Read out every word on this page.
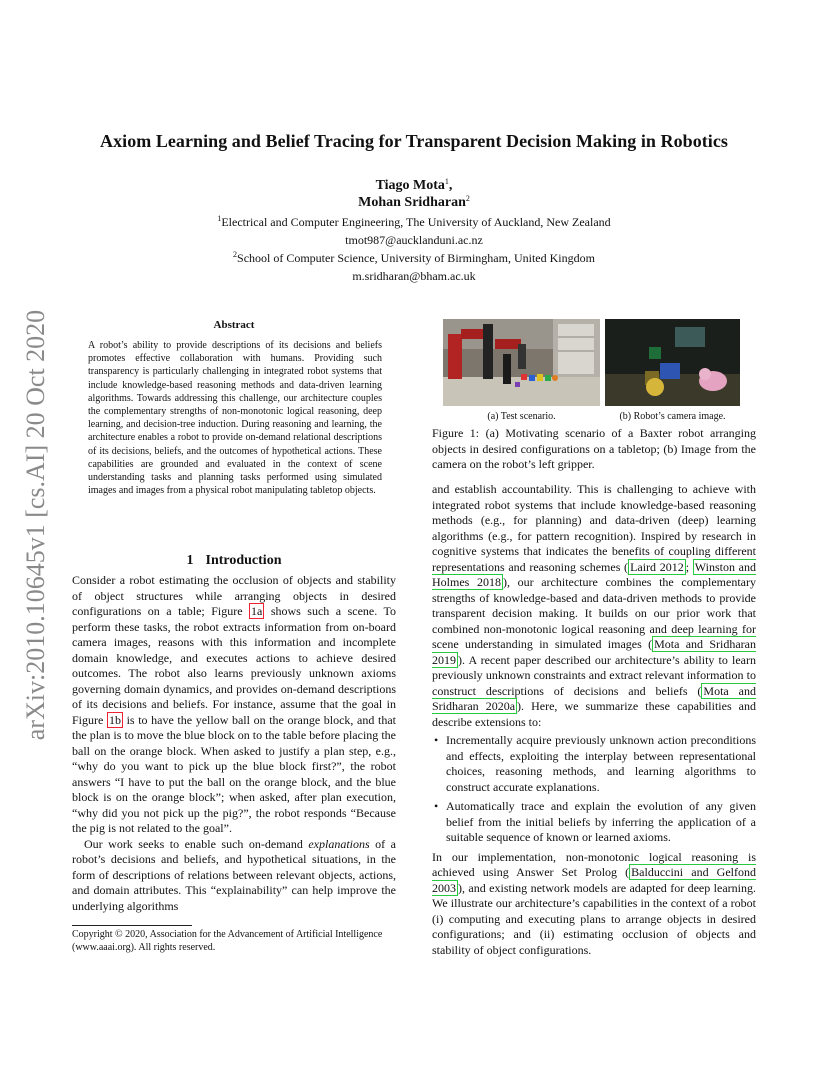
arXiv:2010.10645v1 [cs.AI] 20 Oct 2020
Axiom Learning and Belief Tracing for Transparent Decision Making in Robotics
Tiago Mota$^1$,
Mohan Sridharan$^2$
$^1$Electrical and Computer Engineering, The University of Auckland, New Zealand
tmot987@aucklanduni.ac.nz
$^2$School of Computer Science, University of Birmingham, United Kingdom
m.sridharan@bham.ac.uk
Abstract
A robot’s ability to provide descriptions of its decisions and beliefs promotes effective collaboration with humans. Providing such transparency is particularly challenging in integrated robot systems that include knowledge-based reasoning methods and data-driven learning algorithms. Towards addressing this challenge, our architecture couples the complementary strengths of non-monotonic logical reasoning, deep learning, and decision-tree induction. During reasoning and learning, the architecture enables a robot to provide on-demand relational descriptions of its decisions, beliefs, and the outcomes of hypothetical actions. These capabilities are grounded and evaluated in the context of scene understanding tasks and planning tasks performed using simulated images and images from a physical robot manipulating tabletop objects.
1 Introduction

Consider a robot estimating the occlusion of objects and stability of object structures while arranging objects in desired configurations on a table; Figure 1a shows such a scene. To perform these tasks, the robot extracts information from on-board camera images, reasons with this information and incomplete domain knowledge, and executes actions to achieve desired outcomes. The robot also learns previously unknown axioms governing domain dynamics, and provides on-demand descriptions of its decisions and beliefs. For instance, assume that the goal in Figure 1b is to have the yellow ball on the orange block, and that the plan is to move the blue block on to the table before placing the ball on the orange block. When asked to justify a plan step, e.g., “why do you want to pick up the blue block first?”, the robot answers “I have to put the ball on the orange block, and the blue block is on the orange block”; when asked, after plan execution, “why did you not pick up the pig?”, the robot responds “Because the pig is not related to the goal”.

Our work seeks to enable such on-demand explanations of a robot’s decisions and beliefs, and hypothetical situations, in the form of descriptions of relations between relevant objects, actions, and domain attributes. This “explainability” can help improve the underlying algorithms

Copyright © 2020, Association for the Advancement of Artificial Intelligence (www.aaai.org). All rights reserved.
(a) Test scenario.	(b) Robot’s camera image.
Figure 1: (a) Motivating scenario of a Baxter robot arranging objects in desired configurations on a tabletop; (b) Image from the camera on the robot’s left gripper.

and establish accountability. This is challenging to achieve with integrated robot systems that include knowledge-based reasoning methods (e.g., for planning) and data-driven (deep) learning algorithms (e.g., for pattern recognition). Inspired by research in cognitive systems that indicates the benefits of coupling different representations and reasoning schemes ( Laird 2012 ; Winston and Holmes 2018 ), our architecture combines the complementary strengths of knowledge-based and data-driven methods to provide transparent decision making. It builds on our prior work that combined non-monotonic logical reasoning and deep learning for scene understanding in simulated images ( Mota and Sridharan 2019 ). A recent paper described our architecture’s ability to learn previously unknown constraints and extract relevant information to construct descriptions of decisions and beliefs ( Mota and Sridharan 2020a ). Here, we summarize these capabilities and describe extensions to:

• Incrementally acquire previously unknown action preconditions and effects, exploiting the interplay between representational choices, reasoning methods, and learning algorithms to construct accurate explanations.
• Automatically trace and explain the evolution of any given belief from the initial beliefs by inferring the application of a suitable sequence of known or learned axioms.

In our implementation, non-monotonic logical reasoning is achieved using Answer Set Prolog ( Balduccini and Gelfond 2003 ), and existing network models are adapted for deep learning. We illustrate our architecture’s capabilities in the context of a robot (i) computing and executing plans to arrange objects in desired configurations; and (ii) estimating occlusion of objects and stability of object configurations.
